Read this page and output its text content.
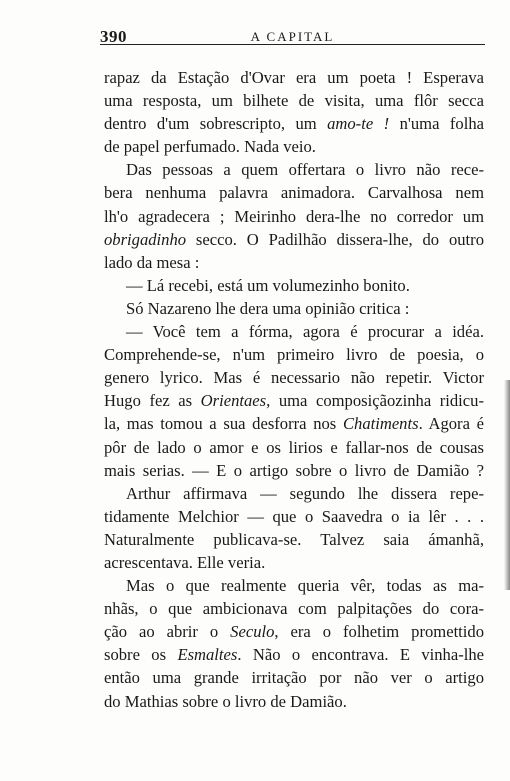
390	A CAPITAL
rapaz da Estação d'Ovar era um poeta ! Esperava
uma resposta, um bilhete de visita, uma flôr secca
dentro d'um sobrescripto, um amo-te ! n'uma folha
de papel perfumado. Nada veio.
Das pessoas a quem offertara o livro não rece-
bera nenhuma palavra animadora. Carvalhosa nem
lh'o agradecera ; Meirinho dera-lhe no corredor um
obrigadinho secco. O Padilhão dissera-lhe, do outro
lado da mesa :
— Lá recebi, está um volumezinho bonito.
Só Nazareno lhe dera uma opinião critica :
— Você tem a fórma, agora é procurar a idéa.
Comprehende-se, n'um primeiro livro de poesia, o
genero lyrico. Mas é necessario não repetir. Victor
Hugo fez as Orientaes, uma composiçãozinha ridicu-
la, mas tomou a sua desforra nos Chatiments. Agora é
pôr de lado o amor e os lirios e fallar-nos de cousas
mais serias. — E o artigo sobre o livro de Damião ?
Arthur affirmava — segundo lhe dissera repe-
tidamente Melchior — que o Saavedra o ia lêr . . .
Naturalmente publicava-se. Talvez saia ámanhã,
acrescentava. Elle veria.
Mas o que realmente queria vêr, todas as ma-
nhãs, o que ambicionava com palpitações do cora-
ção ao abrir o Seculo, era o folhetim promettido
sobre os Esmaltes. Não o encontrava. E vinha-lhe
então uma grande irritação por não ver o artigo
do Mathias sobre o livro de Damião.
